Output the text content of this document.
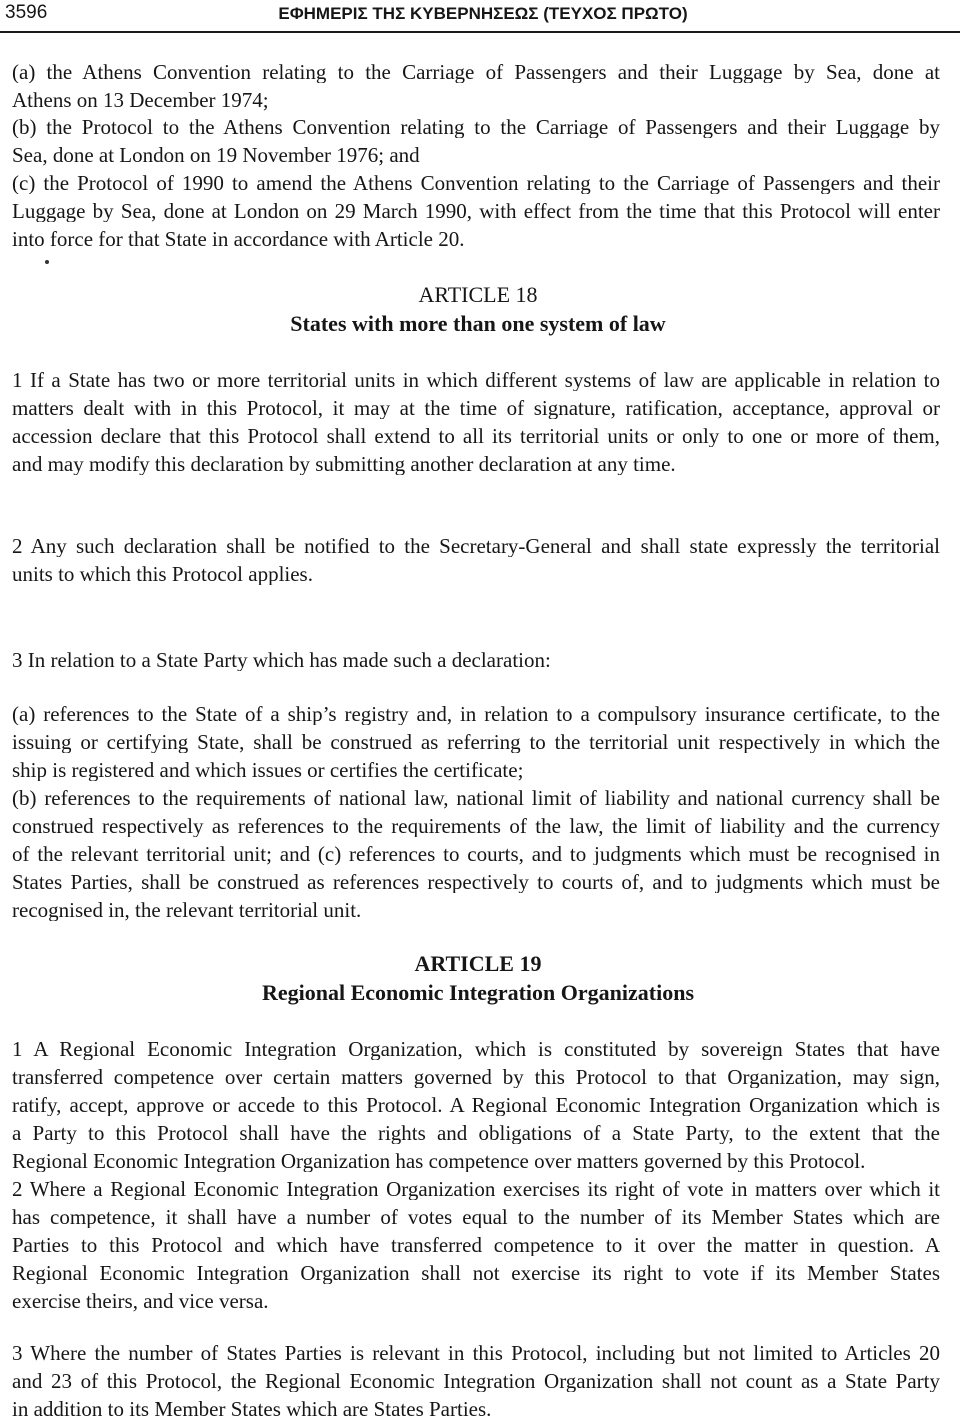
3596	ΕΦΗΜΕΡΙΣ ΤΗΣ ΚΥΒΕΡΝΗΣΕΩΣ (ΤΕΥΧΟΣ ΠΡΩΤΟ)
(a) the Athens Convention relating to the Carriage of Passengers and their Luggage by Sea, done at
Athens on 13 December 1974;
(b) the Protocol to the Athens Convention relating to the Carriage of Passengers and their Luggage by
Sea, done at London on 19 November 1976; and
(c) the Protocol of 1990 to amend the Athens Convention relating to the Carriage of Passengers and their
Luggage by Sea, done at London on 29 March 1990, with effect from the time that this Protocol will enter
into force for that State in accordance with Article 20.
ARTICLE 18
States with more than one system of law
1 If a State has two or more territorial units in which different systems of law are applicable in relation to
matters dealt with in this Protocol, it may at the time of signature, ratification, acceptance, approval or
accession declare that this Protocol shall extend to all its territorial units or only to one or more of them,
and may modify this declaration by submitting another declaration at any time.
2 Any such declaration shall be notified to the Secretary-General and shall state expressly the territorial
units to which this Protocol applies.
3 In relation to a State Party which has made such a declaration:
(a) references to the State of a ship’s registry and, in relation to a compulsory insurance certificate, to the
issuing or certifying State, shall be construed as referring to the territorial unit respectively in which the
ship is registered and which issues or certifies the certificate;
(b) references to the requirements of national law, national limit of liability and national currency shall be
construed respectively as references to the requirements of the law, the limit of liability and the currency
of the relevant territorial unit; and (c) references to courts, and to judgments which must be recognised in
States Parties, shall be construed as references respectively to courts of, and to judgments which must be
recognised in, the relevant territorial unit.
ARTICLE 19
Regional Economic Integration Organizations
1 A Regional Economic Integration Organization, which is constituted by sovereign States that have
transferred competence over certain matters governed by this Protocol to that Organization, may sign,
ratify, accept, approve or accede to this Protocol. A Regional Economic Integration Organization which is
a Party to this Protocol shall have the rights and obligations of a State Party, to the extent that the
Regional Economic Integration Organization has competence over matters governed by this Protocol.
2 Where a Regional Economic Integration Organization exercises its right of vote in matters over which it
has competence, it shall have a number of votes equal to the number of its Member States which are
Parties to this Protocol and which have transferred competence to it over the matter in question. A
Regional Economic Integration Organization shall not exercise its right to vote if its Member States
exercise theirs, and vice versa.
3 Where the number of States Parties is relevant in this Protocol, including but not limited to Articles 20
and 23 of this Protocol, the Regional Economic Integration Organization shall not count as a State Party
in addition to its Member States which are States Parties.
